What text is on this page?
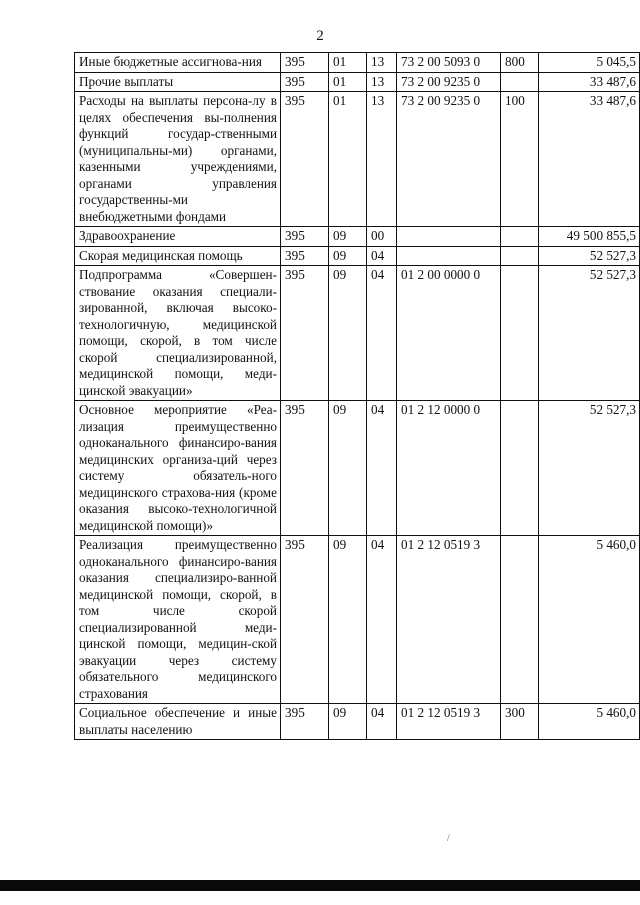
2
Иные бюджетные ассигнова-ния	395	01	13	73 2 00 5093 0	800	5 045,5
Прочие выплаты	395	01	13	73 2 00 9235 0		33 487,6
Расходы на выплаты персона-лу в целях обеспечения вы-полнения функций государ-ственными (муниципальны-ми) органами, казенными учреждениями, органами управления государственны-ми внебюджетными фондами	395	01	13	73 2 00 9235 0	100	33 487,6
Здравоохранение	395	09	00			49 500 855,5
Скорая медицинская помощь	395	09	04			52 527,3
Подпрограмма «Совершен-ствование оказания специали-зированной, включая высоко-технологичную, медицинской помощи, скорой, в том числе скорой специализированной, медицинской помощи, меди-цинской эвакуации»	395	09	04	01 2 00 0000 0		52 527,3
Основное мероприятие «Реа-лизация преимущественно одноканального финансиро-вания медицинских организа-ций через систему обязатель-ного медицинского страхова-ния (кроме оказания высоко-технологичной медицинской помощи)»	395	09	04	01 2 12 0000 0		52 527,3
Реализация преимущественно одноканального финансиро-вания оказания специализиро-ванной медицинской помощи, скорой, в том числе скорой специализированной меди-цинской помощи, медицин-ской эвакуации через систему обязательного медицинского страхования	395	09	04	01 2 12 0519 3		5 460,0
Социальное обеспечение и иные выплаты населению	395	09	04	01 2 12 0519 3	300	5 460,0
/
